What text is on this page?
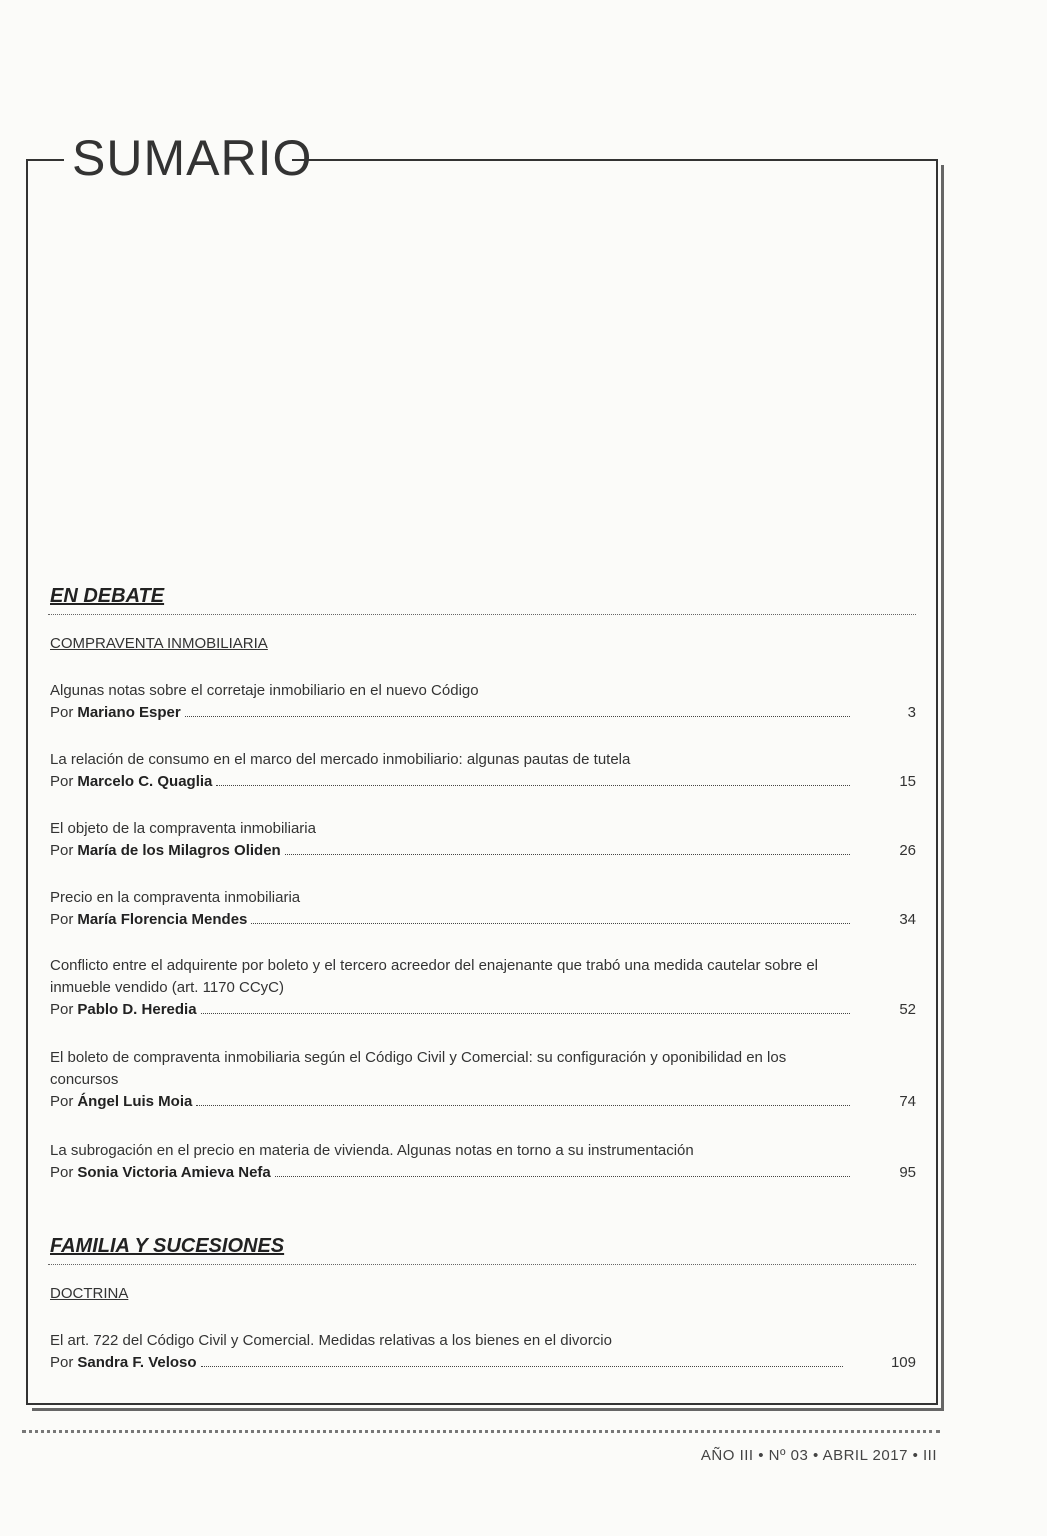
SUMARIO
EN DEBATE
COMPRAVENTA INMOBILIARIA
Algunas notas sobre el corretaje inmobiliario en el nuevo Código
Por Mariano Esper	3
La relación de consumo en el marco del mercado inmobiliario: algunas pautas de tutela
Por Marcelo C. Quaglia	15
El objeto de la compraventa inmobiliaria
Por María de los Milagros Oliden	26
Precio en la compraventa inmobiliaria
Por María Florencia Mendes	34
Conflicto entre el adquirente por boleto y el tercero acreedor del enajenante que trabó una medida cautelar sobre el inmueble vendido (art. 1170 CCyC)
Por Pablo D. Heredia	52
El boleto de compraventa inmobiliaria según el Código Civil y Comercial: su configuración y oponibilidad en los concursos
Por Ángel Luis Moia	74
La subrogación en el precio en materia de vivienda. Algunas notas en torno a su instrumentación
Por Sonia Victoria Amieva Nefa	95
FAMILIA Y SUCESIONES
DOCTRINA
El art. 722 del Código Civil y Comercial. Medidas relativas a los bienes en el divorcio
Por Sandra F. Veloso	109
AÑO III • Nº 03 • ABRIL 2017 • III
